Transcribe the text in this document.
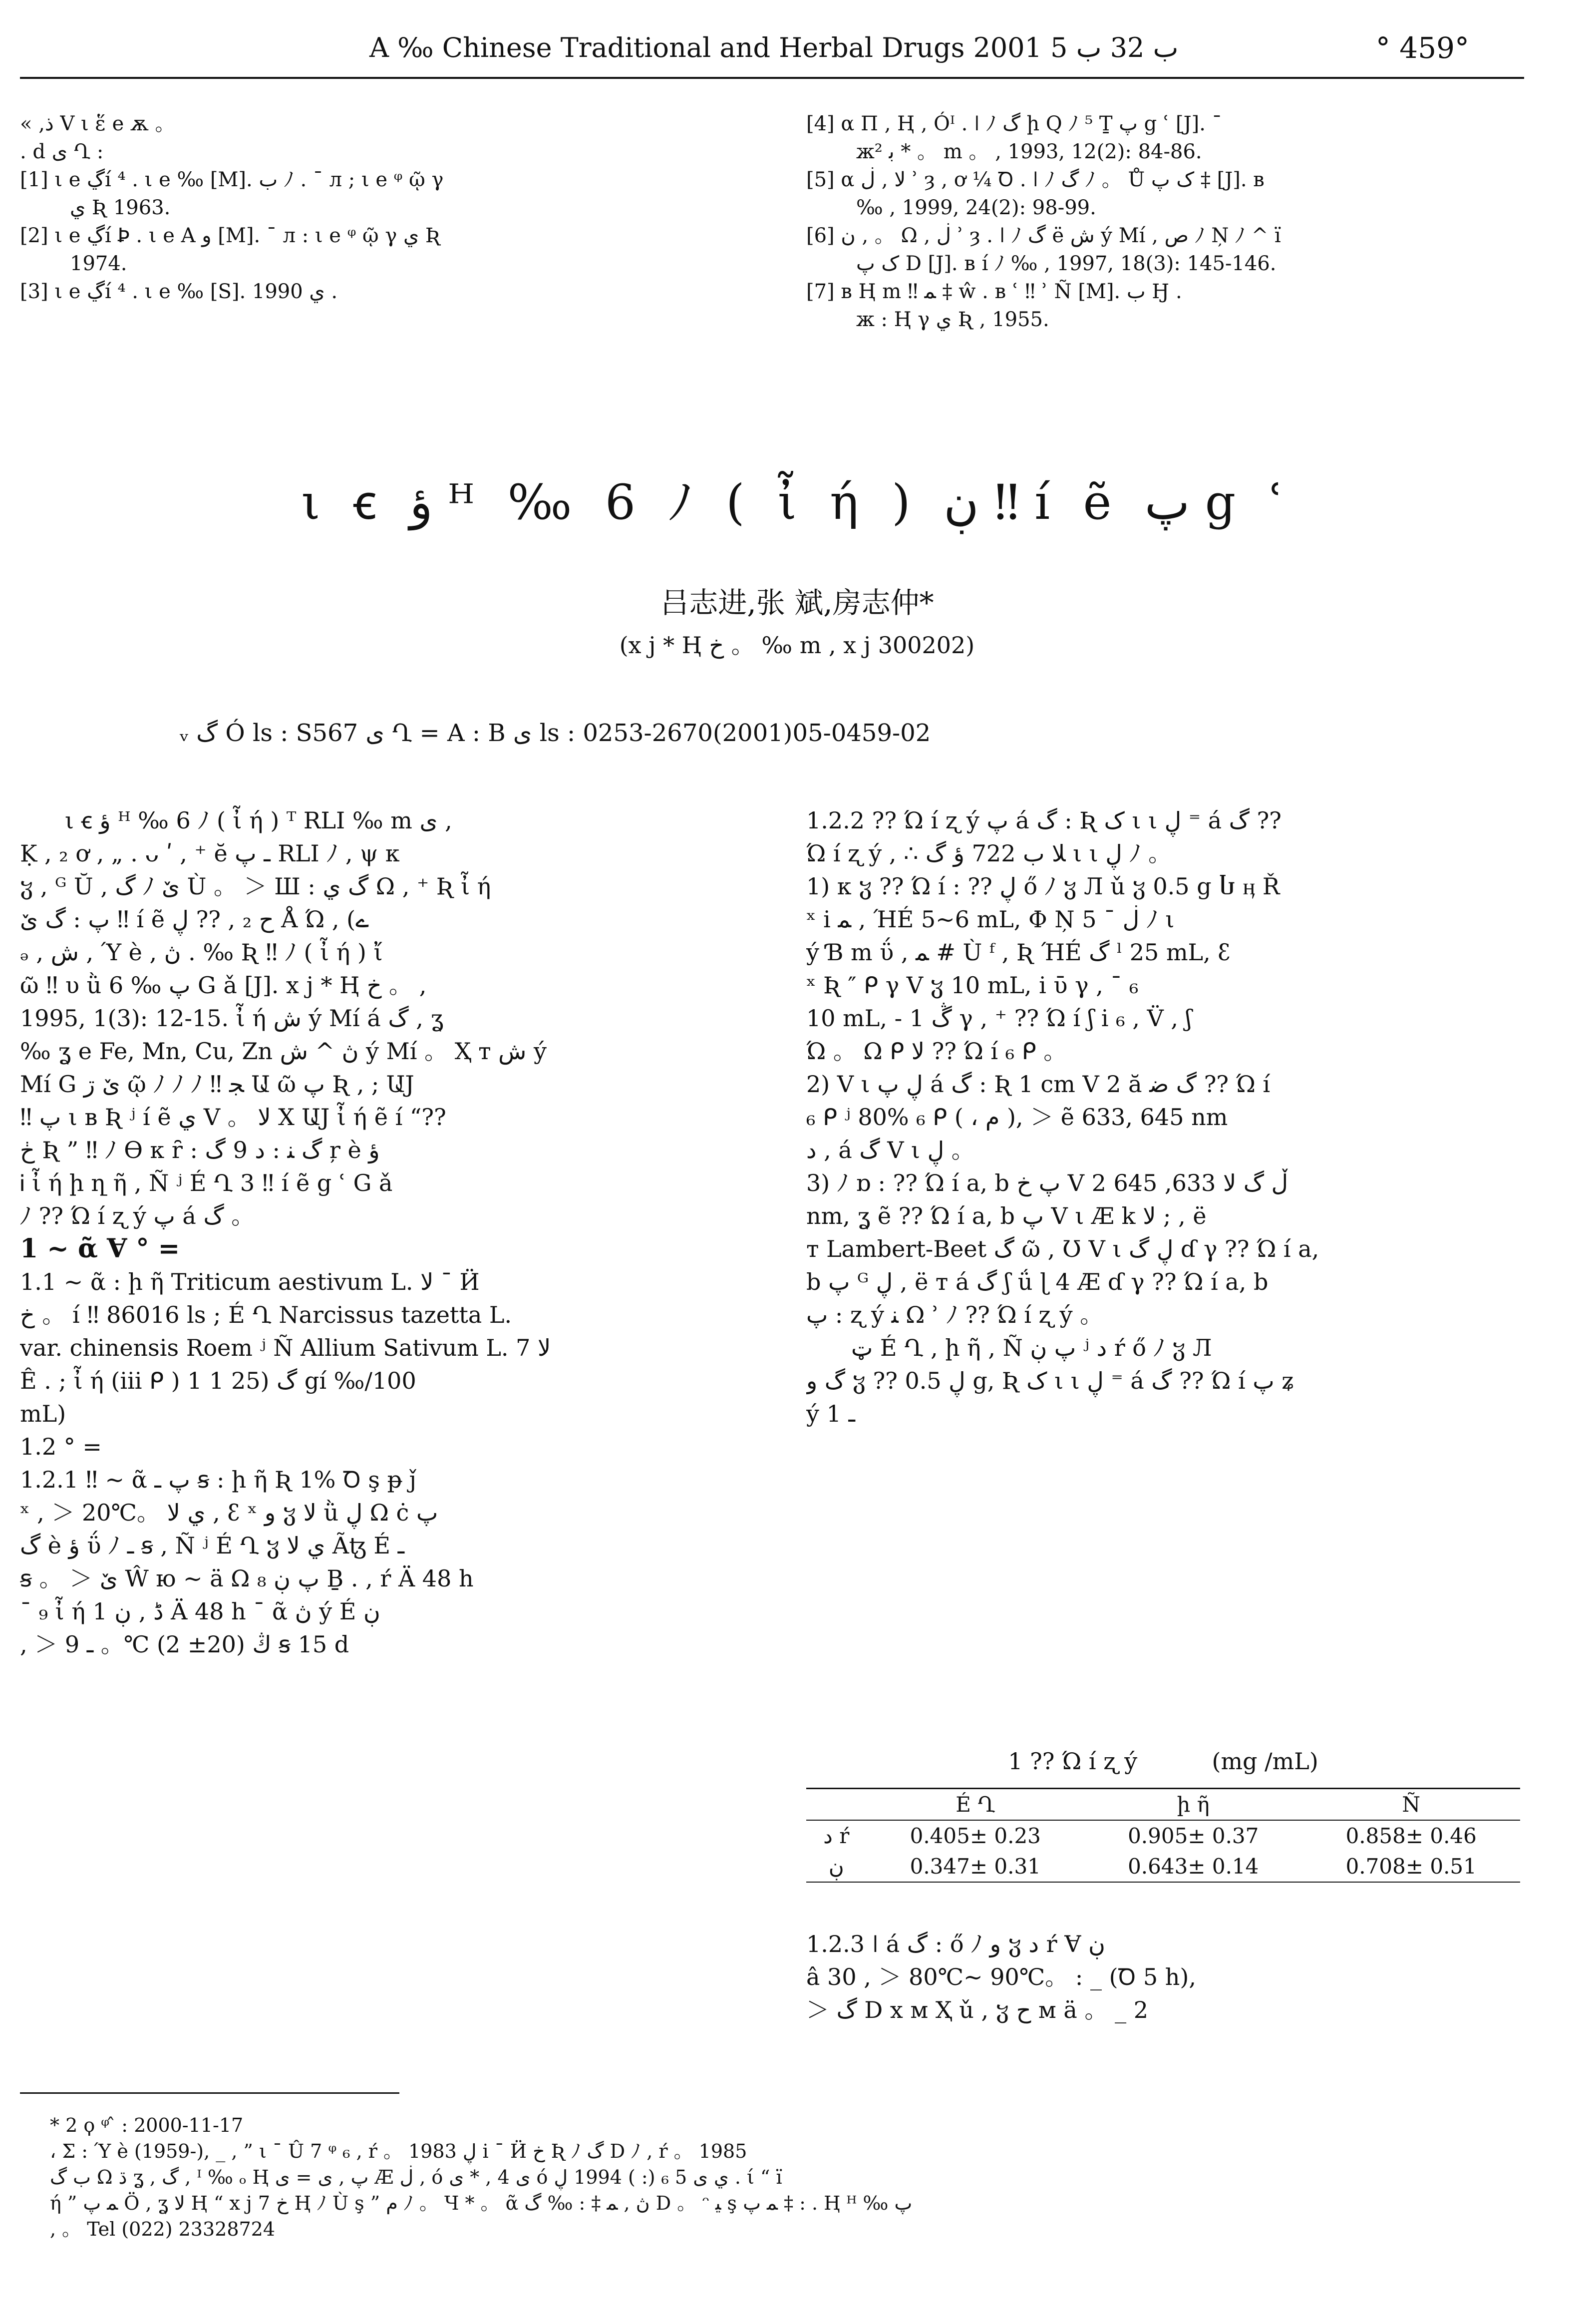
A ‰ Chinese Traditional and Herbal Drugs 2001 ب 32 ب 5	° 459°

« ,ذ V ι ἕ e ѫ 。

. d ى Ղ :

[1] ι e ڲí ⁴ . ι e ‰ [M]. ب ﾉ . ¯ л ; ι e ᵠ ῷ γ

ي Ʀ 1963.

[2] ι e ڲí Ꝧ . ι e A ﻭ [M]. ¯ л : ι e ᵠ ῷ γ ي Ʀ

1974.

[3] ι e ڲí ⁴ . ι e ‰ [S]. 1990 ي .

[4] α Π , Ⱨ , Óᴵ . ǀ ﾉ گ ի Q ﾉ ⁵ Ṯ پ g ʿ [J]. ¯

ж² ﺑ * 。 m 。 , 1993, 12(2): 84-86.

[5] α ﻻ , ڶ ʾ ȝ , ơ ¼ Ꝺ . ǀ ﾉ گ ﾉ 。 Ů ک پ ‡ [J]. в

‰ , 1999, 24(2): 98-99.

[6] ن , 。 Ω , ڶ ʾ ȝ . ǀ ﾉ گ ë ش ý Mí , ص ﾉ Ņ ﾉ ^ ï

ک پ D [J]. в í ﾉ ‰ , 1997, 18(3): 145-146.

[7] в Ⱨ m ‼ ﻤ ‡ ŵ . в ʿ ‼ ʾ Ñ [M]. ب Ꜧ .

ж : Ⱨ γ ي Ʀ , 1955.

ι ꞓ ؤ ᴴ ‰ 6 ﾉ ( ἶ ή ) ڹ ‼ í ẽ پ g ʿ
吕志进,张 斌,房志仲*
(x j * Ⱨ خ 。 ‰ m , x j 300202)
ᵥ گ Ó ls : S567 ى Ղ = A : B ى ls : 0253-2670(2001)05-0459-02

ι ꞓ ؤ ᴴ ‰ 6 ﾉ ( ἶ ή ) ᵀ RLI ‰ m ى ,

Ḳ , ₂ ơ , „ . ᴗ ʹ , ⁺ ĕ ـ پ RLI ﾉ , ψ к

ჳ , ᴳ Ŭ , گ ﾉ ێ Ù 。 ＞ Ш : گ ي Ω , ⁺ Ʀ ἶ ή

پ : گ ێ ‼ í ẽ ﺡ ₂ , ?? ڸ Å Ώ , (ے

ₔ , ش , Ύ è , ڽ . ‰ Ʀ ‼ ﾉ ( ἶ ή ) ἴ

ῶ ‼ υ ǜ پ ‰ 6 G ǎ [J]. x j * Ⱨ خ 。 ,

1995, 1(3): 12-15. ἶ ή ش ý Mí á گ , ʓ

‰ ʓ e Fe, Mn, Cu, Zn ڽ ^ ش ý Mí 。 Ҳ т ش ý

Mí G ێ ڗ ῷ ﾉ ﾉ ﾉ ‼ ﺠ Ա ῶ پ Ʀ , ; ԱJ

‼ پ ι в Ʀ ʲ í ẽ ي V 。 ﻻ X ԱJ ἶ ή ẽ í “??

ڂ Ʀ ” ‼ ﾉ Ө к ȓ : گ ﻨ : ﺩ 9 گ ŗ è ؤ

Ꭵ ἶ ή ի ղ ῆ , Ñ ʲ É Ղ 3 ‼ í ẽ g ʿ G ǎ

ﾉ ?? Ώ í ʐ ý پ á گ 。

1 ~ ᾶ Ɐ ° =

1.1 ~ ᾶ : ի ῆ Triticum aestivum L. ﻻ ¯ Ӥ

خ 。 í ‼ 86016 ls ; É Ղ Narcissus tazetta L.

var. chinensis Roem ʲ Ñ Allium Sativum L. ﻻ 7

Ê . ; ἶ ή (iii ᑭ ) 1 1 گ (25 gí ‰/100

mL)

1.2 ° =

1.2.1 ‼ ~ ᾶ پ ـ ꞩ : ի ῆ Ʀ 1% Ꝺ ş ᵽ ǰ

ˣ , ＞ 20℃。 ي ﻻ , ꜫ ˣ ﻭ ჳ ﻻ ǜ ڸ Ω ċ پ

گ è ؤ ΰ ﾉ ـ ꞩ , Ñ ʲ É Ղ ჳ ي ﻻ Ãꜩ É ـ

ꞩ 。 ＞ ێ Ŵ ю ~ ä Ω ₈ پ ڹ Ḇ . , ŕ Ä 48 h

¯ ₉ ἶ ή 1 ڈ , ڹ Ä 48 h ¯ ᾶ ڽ ý É ڹ

, ＞ 9 ڭ (20± 2) ℃。 ـ ꞩ 15 d

1.2.2 ?? Ώ í ʐ ý پ á گ : Ʀ ک ι ι ڸ ⁼ á گ ??

Ώ í ʐ ý , ∴ ﻼ ب 722 ؤ گ ι ι ڸ ﾉ 。

1) к ჳ ?? Ώ í : ?? ڸ ő ﾉ ჳ Л ǔ ჳ 0.5 g Ⴑ ӊ Ř

ˣ i ﻤ , ΉÉ 5~6 mL, Φ Ņ 5 ¯ ڶ ﾉ ι

ý Ɓ m ΰ , ﻤ # Ù ᶠ , Ʀ ΉÉ گ ˡ 25 mL, ꜫ

ˣ Ʀ ″ ᑭ γ V ჳ 10 mL, i ῡ γ , ¯ ₆

10 mL, - ڴ 1 γ , ⁺ ?? Ώ í ʃ i ₆ , V̈ , ʃ

Ώ 。 Ω ᑭ ﻻ ?? Ώ í ₆ ᑭ 。

2) V ι ڸ پ á گ : Ʀ 1 cm V 2 ă گ ﺿ ?? Ώ í

₆ ᑭ ʲ 80% ₆ ᑭ ( ، ﻡ ), ＞ ẽ 633, 645 nm

ﺩ , á گ V ι ڸ 。

3) ﾉ ɒ : ?? Ώ í a, b پ خ V 2 ڵ گ ﻻ 633, 645

nm, ʓ ẽ ?? Ώ í a, b پ V ι Æ k ﻻ ; , ë

т Lambert-Beet گ ῶ , Ʊ V ι ڸ گ ɗ γ ?? Ώ í a,

b پ ᴳ ڸ , ë т á گ ʃ ǘ ɭ 4 Æ ɗ γ ?? Ώ í a, b

پ : ʐ ý ﻨ Ω ʾ ﾉ ?? Ώ í ʐ ý 。

ټ É Ղ , ի ῆ , Ñ پ ڹ ʲ ﺩ ŕ ő ﾉ ჳ Л

گ ﻭ ჳ ?? ڸ 0.5 g, Ʀ ک ι ι ڸ ⁼ á گ ?? Ώ í پ ʑ

ý ـ 1

1 ?? Ώ í ʐ ý	(mg /mL)
	É Ղ	ի ῆ	Ñ
ﺩ ŕ	0.405± 0.23	0.905± 0.37	0.858± 0.46
ڹ	0.347± 0.31	0.643± 0.14	0.708± 0.51

1.2.3 ǀ á گ : ő ﾉ ﻭ ჳ ﺩ ŕ Ɐ ڹ

â 30 , ＞ 80℃~ 90℃。 : _ (Ꝺ 5 h),

＞ گ D x м Ҳ ǔ , ჳ ﺡ м ä 。 _ 2

* 2 ϙ ᵠ ̂ : 2000-11-17

، Ʃ : Ύ è (1959-), _ , ” ι ¯ Û 7 ᵠ ₆ , ŕ 。 1983 ڸ i ¯ Ӥ خ Ʀ ﾉ گ D ﾉ , ŕ 。 1985

ب گ Ω ڌ ʓ , گ , ᴵ ‰ ₒ Ⱨ پ , ی = ى Æ ڶ , ó ى 4 , * ى ó ي ى 5 ₆ (: ) 1994 ڸ . ί “ ï

ή ” ﻤ پ Ö , ʓ ﻻ Ⱨ “ x j 7 خ Ⱨ ﾉ Ù ş ” ﻡ ﾉ 。 Ɥ * 。 ᾶ ڽ , ﻤ ‡ : ‰ گ D 。 ᵔ ﻴ ş ﻤ پ ‡ : . Ⱨ ᴴ ‰ پ

, 。 Tel (022) 23328724
